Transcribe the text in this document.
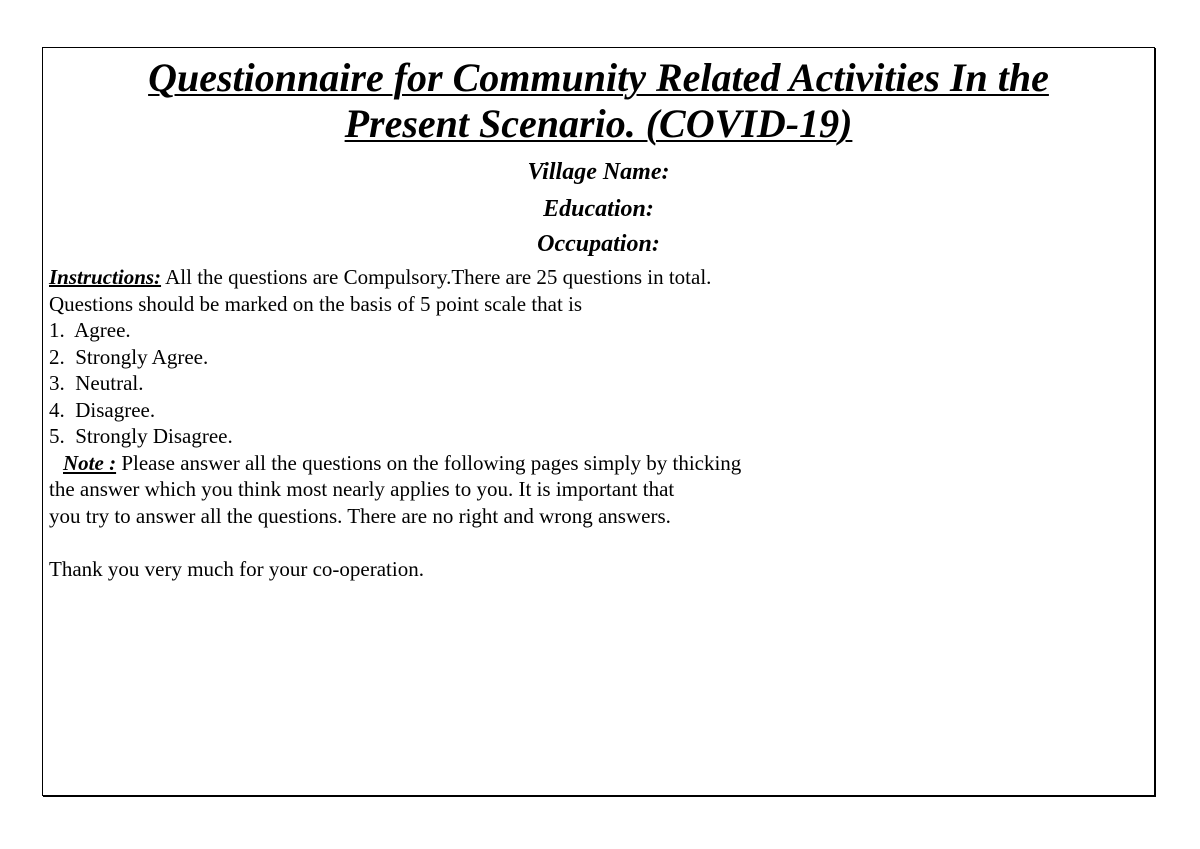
Questionnaire for Community Related Activities In the
Present Scenario. (COVID-19)
Village Name:
Education:
Occupation:
Instructions: All the questions are Compulsory.There are 25 questions in total.
Questions should be marked on the basis of 5 point scale that is
1.  Agree.
2.  Strongly Agree.
3.  Neutral.
4.  Disagree.
5.  Strongly Disagree.
Note : Please answer all the questions on the following pages simply by thicking
the answer which you think most nearly applies to you. It is important that
you try to answer all the questions. There are no right and wrong answers.
Thank you very much for your co-operation.
